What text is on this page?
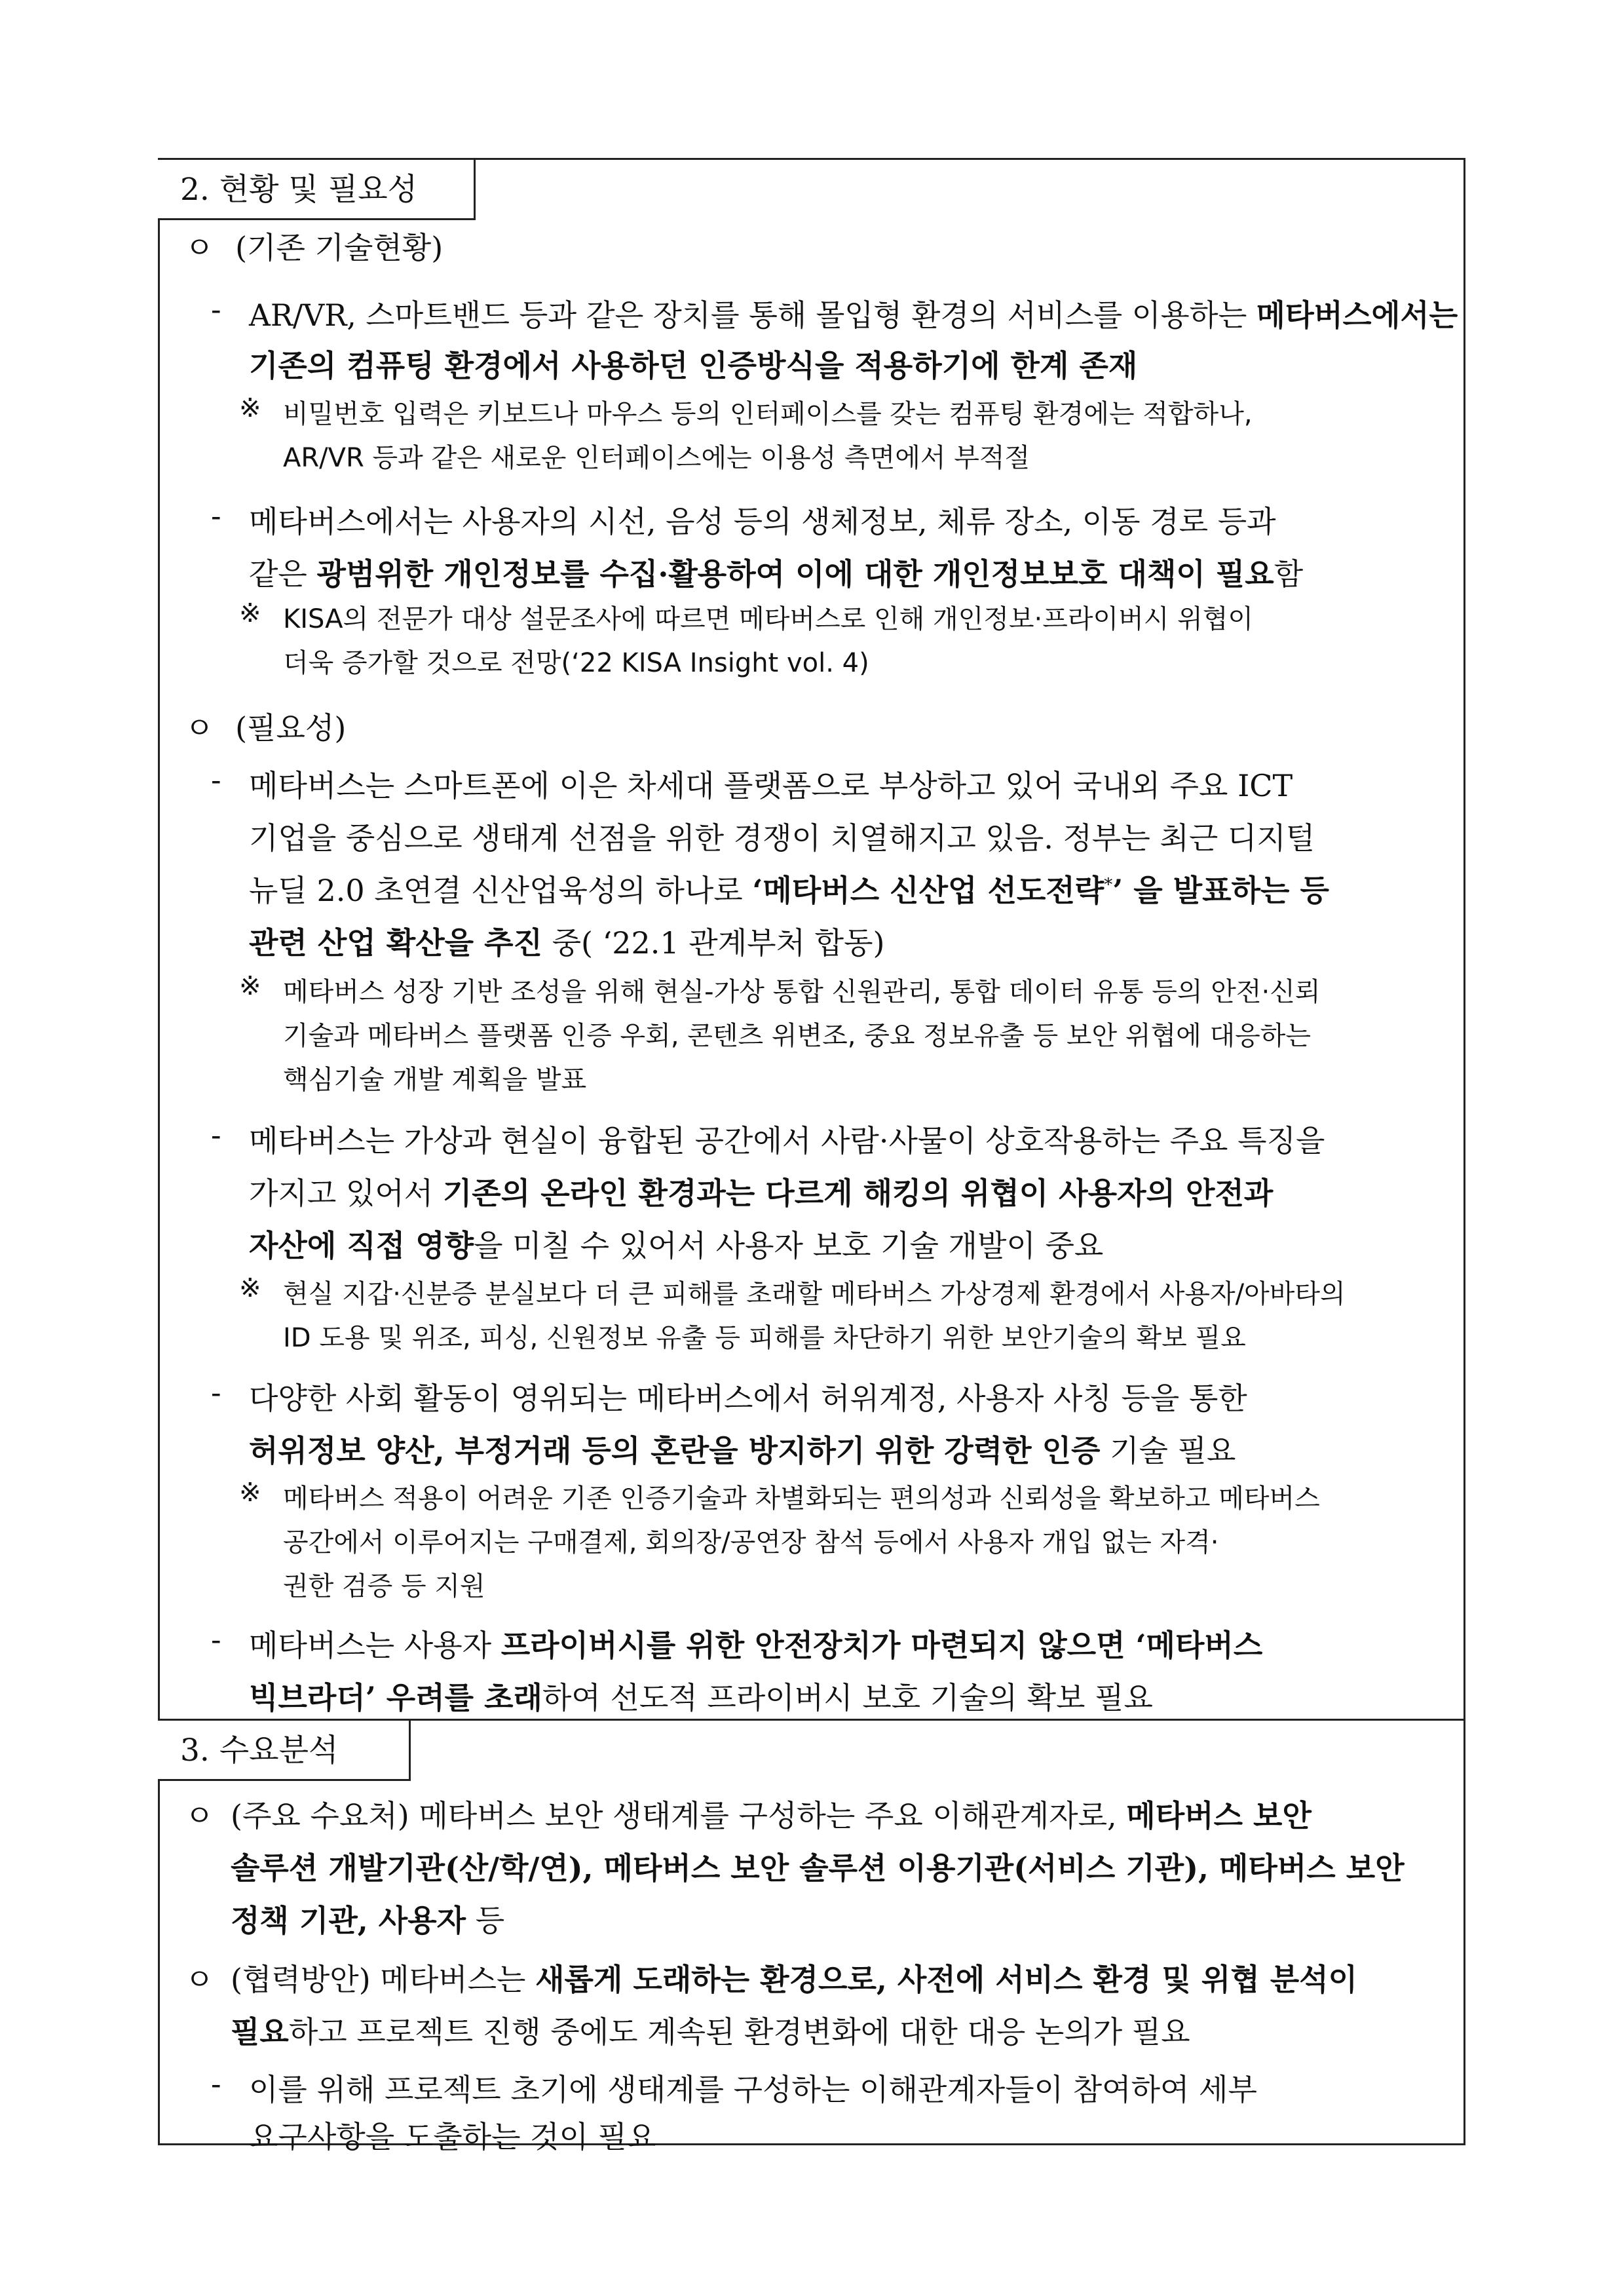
2. 현황 및 필요성
ㅇ (기존 기술현황)
- AR/VR, 스마트밴드 등과 같은 장치를 통해 몰입형 환경의 서비스를 이용하는 메타버스에서는
기존의 컴퓨팅 환경에서 사용하던 인증방식을 적용하기에 한계 존재
※ 비밀번호 입력은 키보드나 마우스 등의 인터페이스를 갖는 컴퓨팅 환경에는 적합하나,
AR/VR 등과 같은 새로운 인터페이스에는 이용성 측면에서 부적절
- 메타버스에서는 사용자의 시선, 음성 등의 생체정보, 체류 장소, 이동 경로 등과
같은 광범위한 개인정보를 수집·활용하여 이에 대한 개인정보보호 대책이 필요함
※ KISA의 전문가 대상 설문조사에 따르면 메타버스로 인해 개인정보·프라이버시 위협이
더욱 증가할 것으로 전망(‘22 KISA Insight vol. 4)
ㅇ (필요성)
- 메타버스는 스마트폰에 이은 차세대 플랫폼으로 부상하고 있어 국내외 주요 ICT
기업을 중심으로 생태계 선점을 위한 경쟁이 치열해지고 있음. 정부는 최근 디지털
뉴딜 2.0 초연결 신산업육성의 하나로 ‘메타버스 신산업 선도전략*’ 을 발표하는 등
관련 산업 확산을 추진 중( ‘22.1 관계부처 합동)
※ 메타버스 성장 기반 조성을 위해 현실-가상 통합 신원관리, 통합 데이터 유통 등의 안전·신뢰
기술과 메타버스 플랫폼 인증 우회, 콘텐츠 위변조, 중요 정보유출 등 보안 위협에 대응하는
핵심기술 개발 계획을 발표
- 메타버스는 가상과 현실이 융합된 공간에서 사람·사물이 상호작용하는 주요 특징을
가지고 있어서 기존의 온라인 환경과는 다르게 해킹의 위협이 사용자의 안전과
자산에 직접 영향을 미칠 수 있어서 사용자 보호 기술 개발이 중요
※ 현실 지갑·신분증 분실보다 더 큰 피해를 초래할 메타버스 가상경제 환경에서 사용자/아바타의
ID 도용 및 위조, 피싱, 신원정보 유출 등 피해를 차단하기 위한 보안기술의 확보 필요
- 다양한 사회 활동이 영위되는 메타버스에서 허위계정, 사용자 사칭 등을 통한
허위정보 양산, 부정거래 등의 혼란을 방지하기 위한 강력한 인증 기술 필요
※ 메타버스 적용이 어려운 기존 인증기술과 차별화되는 편의성과 신뢰성을 확보하고 메타버스
공간에서 이루어지는 구매결제, 회의장/공연장 참석 등에서 사용자 개입 없는 자격·
권한 검증 등 지원
- 메타버스는 사용자 프라이버시를 위한 안전장치가 마련되지 않으면 ‘메타버스
빅브라더’ 우려를 초래하여 선도적 프라이버시 보호 기술의 확보 필요
3. 수요분석
ㅇ (주요 수요처) 메타버스 보안 생태계를 구성하는 주요 이해관계자로, 메타버스 보안
솔루션 개발기관(산/학/연), 메타버스 보안 솔루션 이용기관(서비스 기관), 메타버스 보안
정책 기관, 사용자 등
ㅇ (협력방안) 메타버스는 새롭게 도래하는 환경으로, 사전에 서비스 환경 및 위협 분석이
필요하고 프로젝트 진행 중에도 계속된 환경변화에 대한 대응 논의가 필요
- 이를 위해 프로젝트 초기에 생태계를 구성하는 이해관계자들이 참여하여 세부
요구사항을 도출하는 것이 필요
